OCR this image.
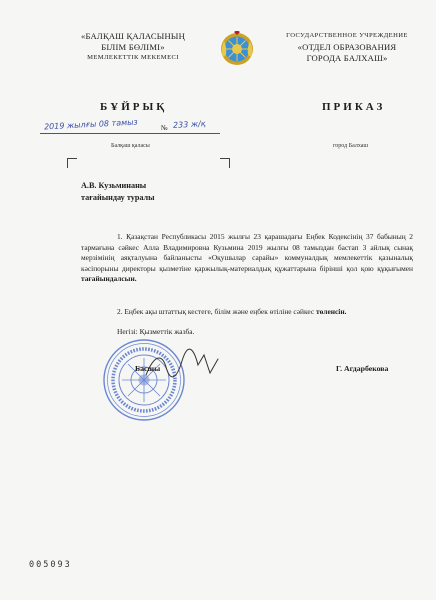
«БАЛҚАШ ҚАЛАСЫНЫҢ
БІЛІМ БӨЛІМІ»
МЕМЛЕКЕТТІК МЕКЕМЕСІ
ГОСУДАРСТВЕННОЕ УЧРЕЖДЕНИЕ
«ОТДЕЛ ОБРАЗОВАНИЯ
ГОРОДА БАЛХАШ»
БҰЙРЫҚ	ПРИКАЗ
2019 жылғы 08 тамыз	№ 233 ж/қ
Балқаш қаласы	город Балхаш
А.В. Кузьминаны
тағайындау туралы
1. Қазақстан Республикасы 2015 жылғы 23 қарашадағы Еңбек Кодексінің 37 бабының 2 тармағына сәйкес Алла Владимировна Кузьмина 2019 жылғы 08 тамыздан бастап 3 айлық сынақ мерзімінің аяқталуына байланысты «Оқушылар сарайы» коммуналдық мемлекеттік қазыналық кәсіпорыны директоры қызметіне қаржылық-материалдық құжаттарына бірінші қол қою құқығымен тағайындалсын.
2. Еңбек ақы штаттық кестеге, білім және еңбек өтіліне сәйкес төленсін.
Негізі: Қызметтік жазба.
Басшы	Г. Агдарбекова
005093
